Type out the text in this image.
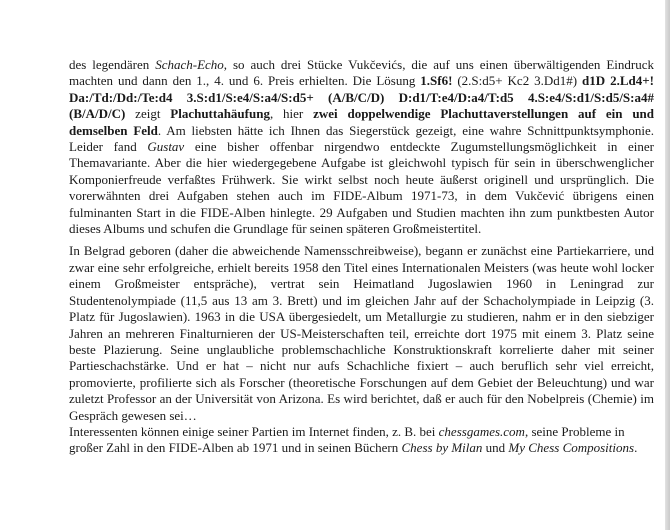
des legendären Schach-Echo, so auch drei Stücke Vukčevićs, die auf uns einen überwältigenden Eindruck machten und dann den 1., 4. und 6. Preis erhielten. Die Lösung 1.Sf6! (2.S:d5+ Kc2 3.Dd1#) d1D 2.Ld4+! Da:/Td:/Dd:/Te:d4 3.S:d1/S:e4/S:a4/S:d5+ (A/B/C/D) D:d1/T:e4/D:a4/T:d5 4.S:e4/S:d1/S:d5/S:a4# (B/A/D/C) zeigt Plachuttahäufung, hier zwei doppelwendige Plachuttaverstellungen auf ein und demselben Feld. Am liebsten hätte ich Ihnen das Siegerstück gezeigt, eine wahre Schnittpunktsymphonie. Leider fand Gustav eine bisher offenbar nirgendwo entdeckte Zugumstellungsmöglichkeit in einer Themavariante. Aber die hier wiedergegebene Aufgabe ist gleichwohl typisch für sein in überschwenglicher Komponierfreude verfaßtes Frühwerk. Sie wirkt selbst noch heute äußerst originell und ursprünglich. Die vorerwähnten drei Aufgaben stehen auch im FIDE-Album 1971-73, in dem Vukčević übrigens einen fulminanten Start in die FIDE-Alben hinlegte. 29 Aufgaben und Studien machten ihn zum punktbesten Autor dieses Albums und schufen die Grundlage für seinen späteren Großmeistertitel.

In Belgrad geboren (daher die abweichende Namensschreibweise), begann er zunächst eine Partiekarriere, und zwar eine sehr erfolgreiche, erhielt bereits 1958 den Titel eines Internationalen Meisters (was heute wohl locker einem Großmeister entspräche), vertrat sein Heimatland Jugoslawien 1960 in Leningrad zur Studentenolympiade (11,5 aus 13 am 3. Brett) und im gleichen Jahr auf der Schacholympiade in Leipzig (3. Platz für Jugoslawien). 1963 in die USA übergesiedelt, um Metallurgie zu studieren, nahm er in den siebziger Jahren an mehreren Finalturnieren der US-Meisterschaften teil, erreichte dort 1975 mit einem 3. Platz seine beste Plazierung. Seine unglaubliche problemschachliche Konstruktionskraft korrelierte daher mit seiner Partieschachstärke. Und er hat – nicht nur aufs Schachliche fixiert – auch beruflich sehr viel erreicht, promovierte, profilierte sich als Forscher (theoretische Forschungen auf dem Gebiet der Beleuchtung) und war zuletzt Professor an der Universität von Arizona. Es wird berichtet, daß er auch für den Nobelpreis (Chemie) im Gespräch gewesen sei…

Interessenten können einige seiner Partien im Internet finden, z. B. bei chessgames.com, seine Probleme in großer Zahl in den FIDE-Alben ab 1971 und in seinen Büchern Chess by Milan und My Chess Compositions.
